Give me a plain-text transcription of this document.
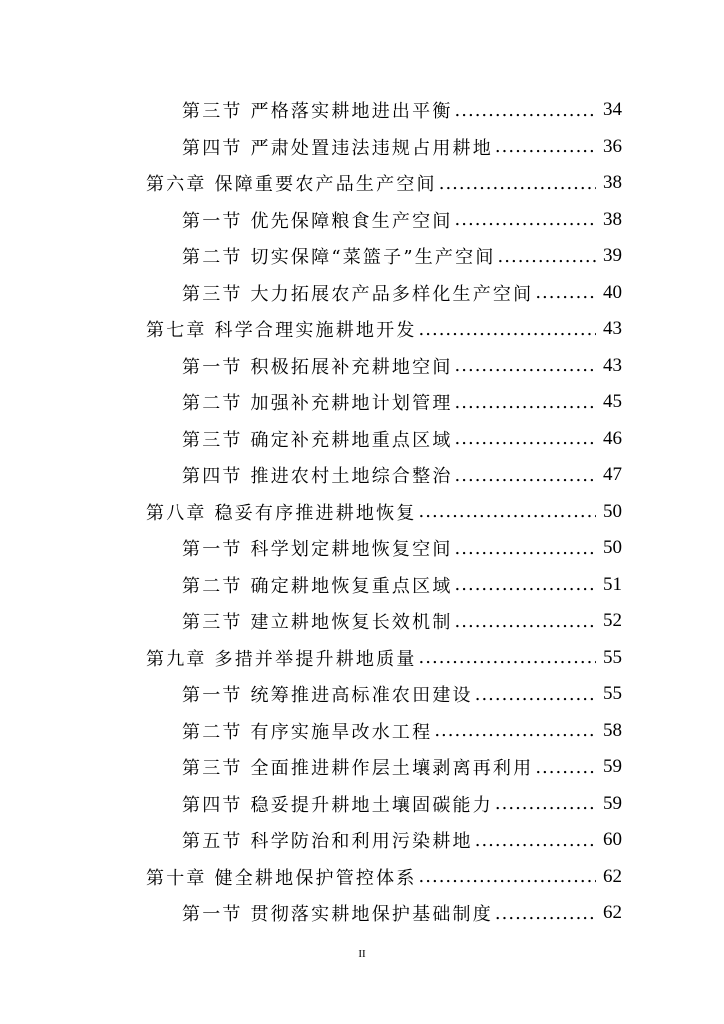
第三节 严格落实耕地进出平衡 .....	34
第四节 严肃处置违法违规占用耕地 .....	36
第六章 保障重要农产品生产空间 .....	38
第一节 优先保障粮食生产空间 .....	38
第二节 切实保障“菜篮子”生产空间 .....	39
第三节 大力拓展农产品多样化生产空间 .....	40
第七章 科学合理实施耕地开发 .....	43
第一节 积极拓展补充耕地空间 .....	43
第二节 加强补充耕地计划管理 .....	45
第三节 确定补充耕地重点区域 .....	46
第四节 推进农村土地综合整治 .....	47
第八章 稳妥有序推进耕地恢复 .....	50
第一节 科学划定耕地恢复空间 .....	50
第二节 确定耕地恢复重点区域 .....	51
第三节 建立耕地恢复长效机制 .....	52
第九章 多措并举提升耕地质量 .....	55
第一节 统筹推进高标准农田建设 .....	55
第二节 有序实施旱改水工程 .....	58
第三节 全面推进耕作层土壤剥离再利用 .....	59
第四节 稳妥提升耕地土壤固碳能力 .....	59
第五节 科学防治和利用污染耕地 .....	60
第十章 健全耕地保护管控体系 .....	62
第一节 贯彻落实耕地保护基础制度 .....	62
II
